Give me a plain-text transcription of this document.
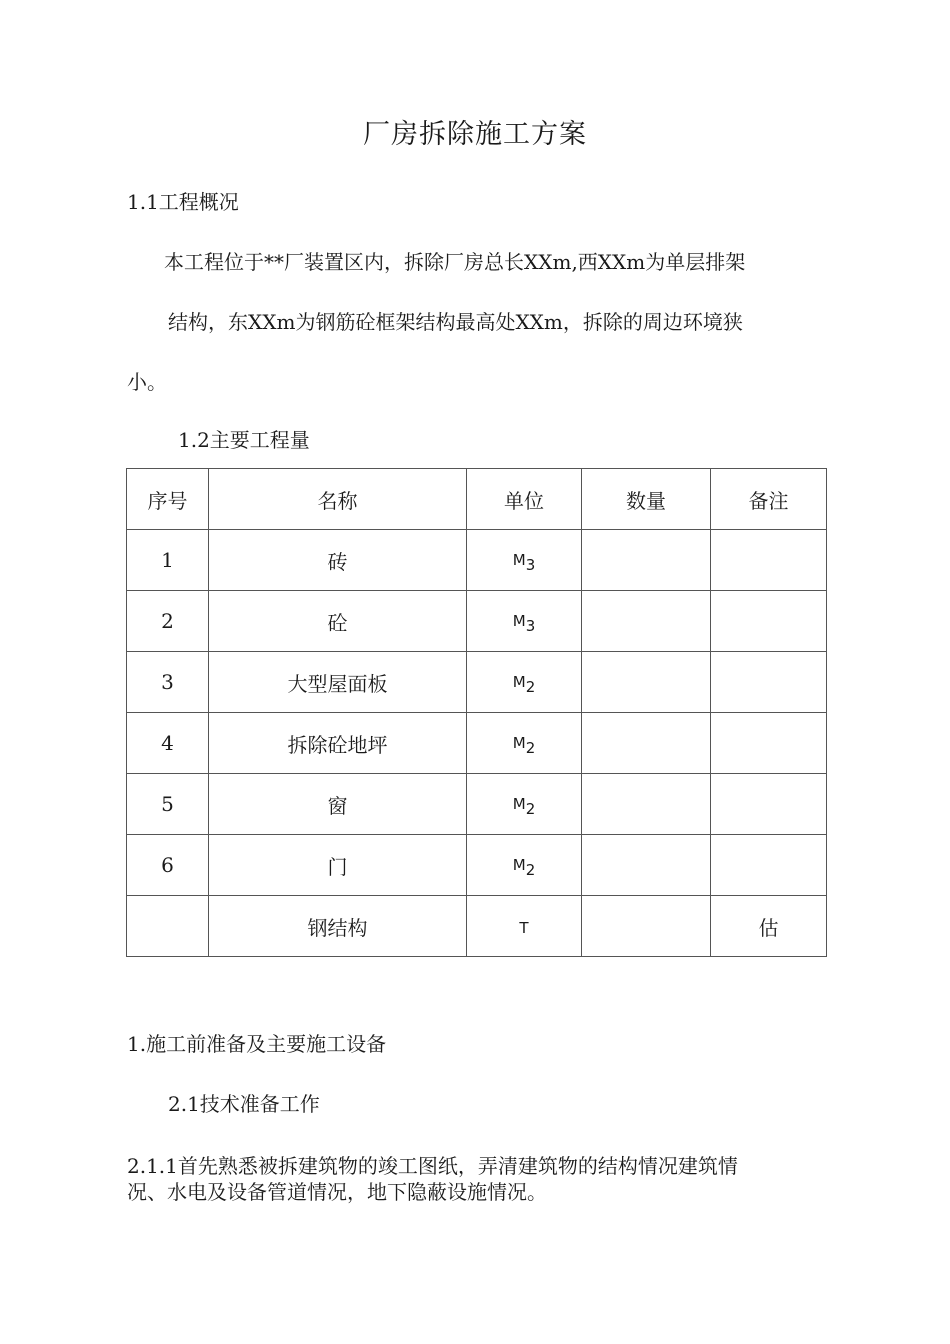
厂房拆除施工方案
1.1工程概况
本工程位于**厂装置区内，拆除厂房总长XXm,西XXm为单层排架
结构，东XXm为钢筋砼框架结构最高处XXm，拆除的周边环境狭
小。
1.2主要工程量
序号	名称	单位	数量	备注
1	砖	$M_3$		
2	砼	$M_3$		
3	大型屋面板	$M_2$		
4	拆除砼地坪	$M_2$		
5	窗	$M_2$		
6	门	$M_2$		
	钢结构	T		估
1.施工前准备及主要施工设备
2.1技术准备工作
2.1.1首先熟悉被拆建筑物的竣工图纸，弄清建筑物的结构情况建筑情
况、水电及设备管道情况，地下隐蔽设施情况。
